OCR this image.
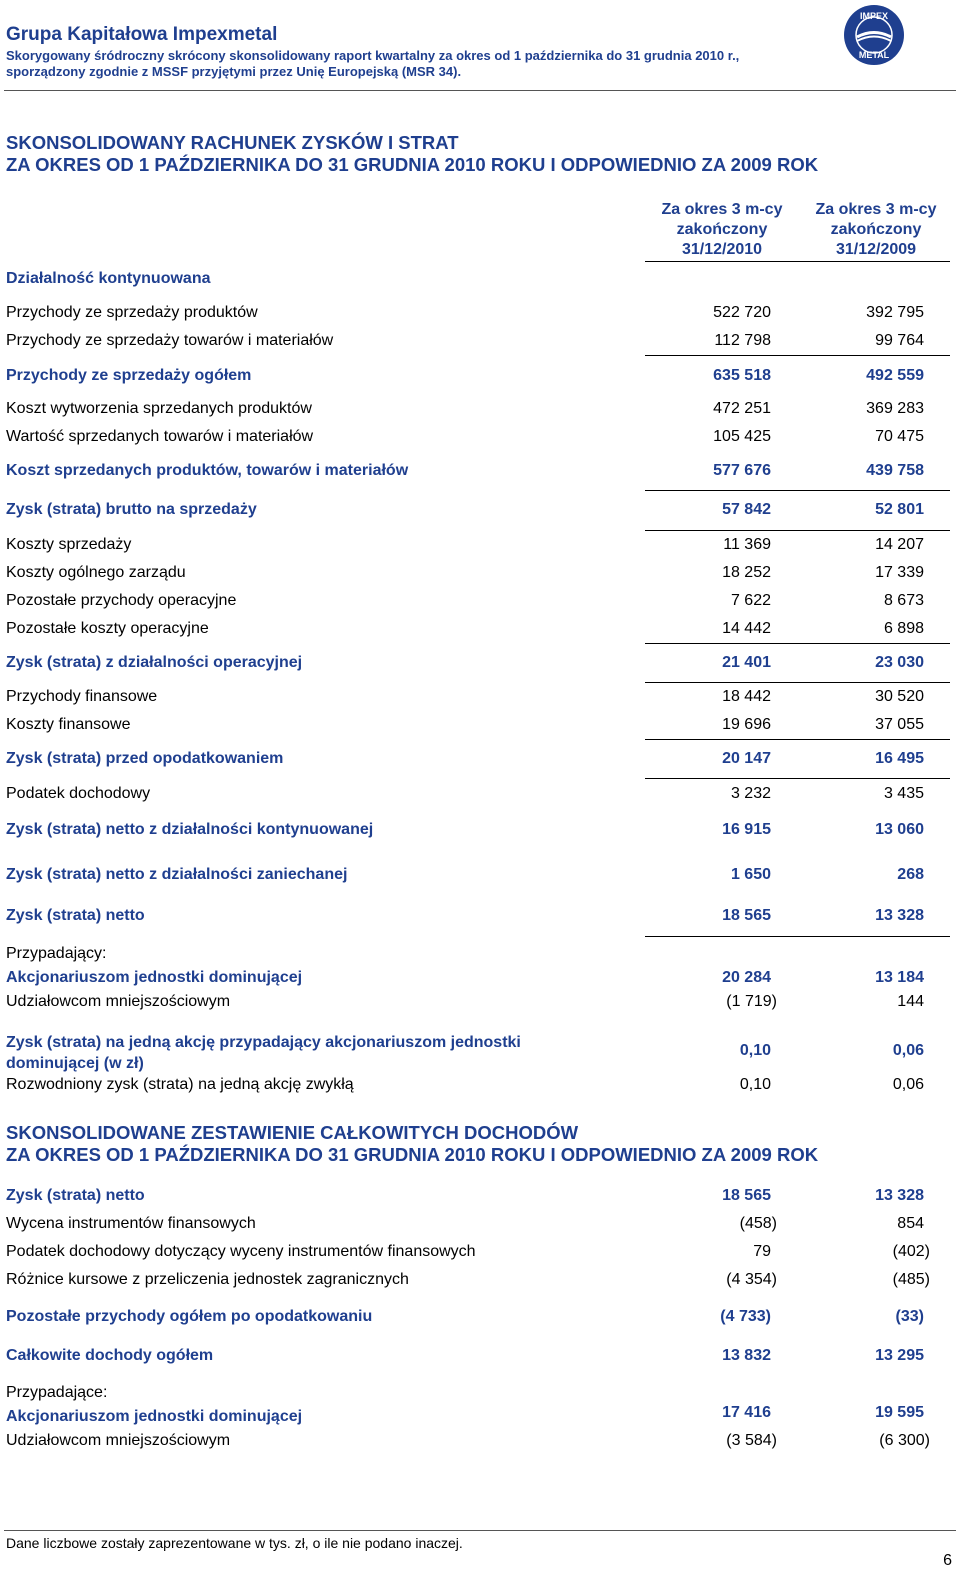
Grupa Kapitałowa Impexmetal
Skorygowany śródroczny skrócony skonsolidowany raport kwartalny za okres od 1 października do 31 grudnia 2010 r.,
sporządzony zgodnie z MSSF przyjętymi przez Unię Europejską (MSR 34).
IMPEX
METAL
SKONSOLIDOWANY RACHUNEK ZYSKÓW I STRAT
ZA OKRES OD 1 PAŹDZIERNIKA DO 31 GRUDNIA 2010 ROKU I ODPOWIEDNIO ZA 2009 ROK
Za okres 3 m-cy
zakończony
31/12/2010
Za okres 3 m-cy
zakończony
31/12/2009
Działalność kontynuowana
Przychody ze sprzedaży produktów	522 720	392 795
Przychody ze sprzedaży towarów i materiałów	112 798	99 764
Przychody ze sprzedaży ogółem	635 518	492 559
Koszt wytworzenia sprzedanych produktów	472 251	369 283
Wartość sprzedanych towarów i materiałów	105 425	70 475
Koszt sprzedanych produktów, towarów i materiałów	577 676	439 758
Zysk (strata) brutto na sprzedaży	57 842	52 801
Koszty sprzedaży	11 369	14 207
Koszty ogólnego zarządu	18 252	17 339
Pozostałe przychody operacyjne	7 622	8 673
Pozostałe koszty operacyjne	14 442	6 898
Zysk (strata) z działalności operacyjnej	21 401	23 030
Przychody finansowe	18 442	30 520
Koszty finansowe	19 696	37 055
Zysk (strata) przed opodatkowaniem	20 147	16 495
Podatek dochodowy	3 232	3 435
Zysk (strata) netto z działalności kontynuowanej	16 915	13 060
Zysk (strata) netto z działalności zaniechanej	1 650	268
Zysk (strata) netto	18 565	13 328
Przypadający:
Akcjonariuszom jednostki dominującej	20 284	13 184
Udziałowcom mniejszościowym	(1 719)	144
Zysk (strata) na jedną akcję przypadający akcjonariuszom jednostki dominującej (w zł)
0,10	0,06
Rozwodniony zysk (strata) na jedną akcję zwykłą	0,10	0,06
SKONSOLIDOWANE ZESTAWIENIE CAŁKOWITYCH DOCHODÓW
ZA OKRES OD 1 PAŹDZIERNIKA DO 31 GRUDNIA 2010 ROKU I ODPOWIEDNIO ZA 2009 ROK
Zysk (strata) netto	18 565	13 328
Wycena instrumentów finansowych	(458)	854
Podatek dochodowy dotyczący wyceny instrumentów finansowych	79	(402)
Różnice kursowe z przeliczenia jednostek zagranicznych	(4 354)	(485)
Pozostałe przychody ogółem po opodatkowaniu	(4 733)	(33)
Całkowite dochody ogółem	13 832	13 295
Przypadające:
Akcjonariuszom jednostki dominującej	17 416	19 595
Udziałowcom mniejszościowym	(3 584)	(6 300)
Dane liczbowe zostały zaprezentowane w tys. zł, o ile nie podano inaczej.
6
